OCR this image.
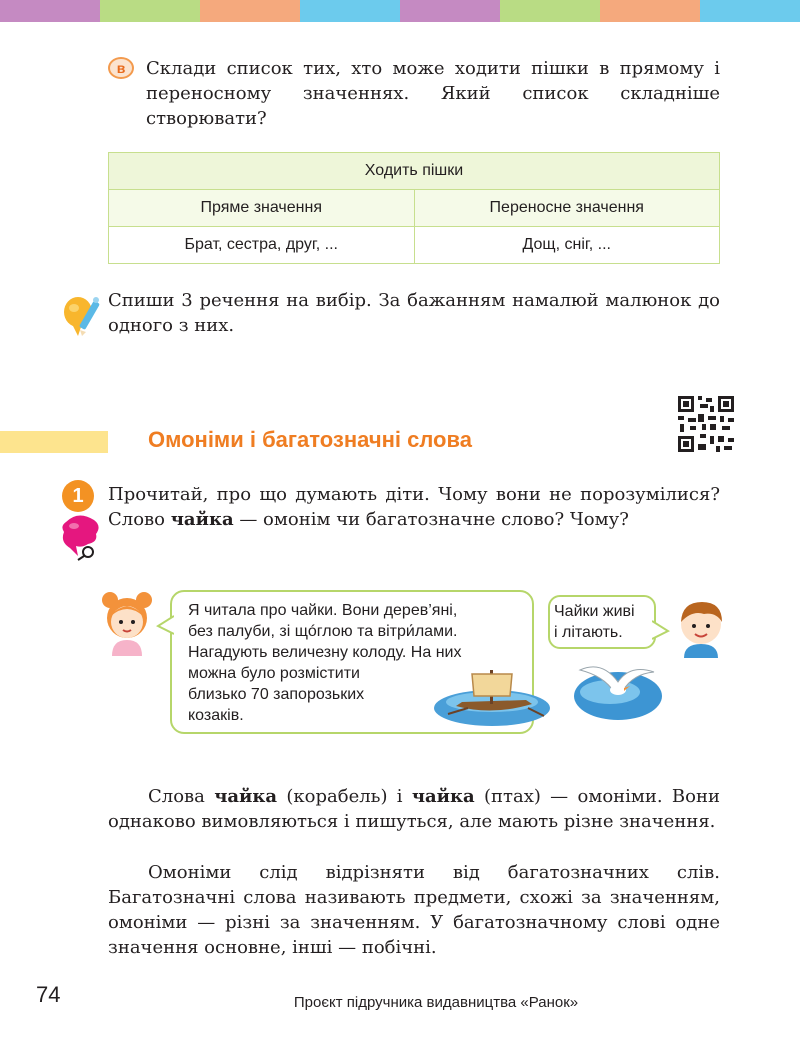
Склади список тих, хто може ходити пішки в прямому і переносному значеннях. Який список складніше створювати?

в
Ходить пішки	
Пряме значення	Переносне значення
Брат, сестра, друг, ...	Дощ, сніг, ...

Спиши 3 речення на вибір. За бажанням намалюй малюнок до одного з них.

Омоніми і багатозначні слова
1	Прочитай, про що думають діти. Чому вони не порозумілися? Слово чайка — омонім чи багатозначне слово? Чому?

Я читала про чайки. Вони дерев’яні,
без палуби, зі щóглою та вітри́лами.
Нагадують величезну колоду. На них
можна було розмістити
близько 70 запорозьких
козаків.
Чайки живі
і літають.

Слова чайка (корабель) і чайка (птах) — омоніми. Вони однаково вимовляються і пишуться, але мають різне значення.

Омоніми слід відрізняти від багатозначних слів. Багатозначні слова називають предмети, схожі за значенням, омоніми — різні за значенням. У багатозначному слові одне значення основне, інші — побічні.

74	Проєкт підручника видавництва «Ранок»
